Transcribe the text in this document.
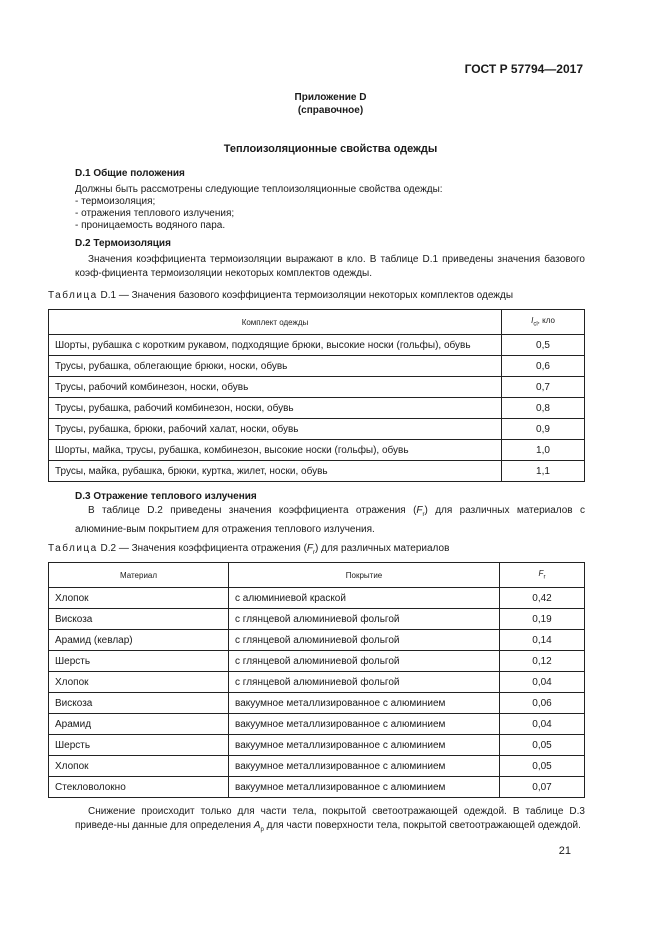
ГОСТ Р 57794—2017
Приложение D
(справочное)
Теплоизоляционные свойства одежды
D.1 Общие положения
Должны быть рассмотрены следующие теплоизоляционные свойства одежды:
- термоизоляция;
- отражения теплового излучения;
- проницаемость водяного пара.
D.2 Термоизоляция
Значения коэффициента термоизоляции выражают в кло. В таблице D.1 приведены значения базового коэф-фициента термоизоляции некоторых комплектов одежды.
Таблица D.1 — Значения базового коэффициента термоизоляции некоторых комплектов одежды
Комплект одежды	$I_{cl}$, кло
Шорты, рубашка с коротким рукавом, подходящие брюки, высокие носки (гольфы), обувь	0,5
Трусы, рубашка, облегающие брюки, носки, обувь	0,6
Трусы, рабочий комбинезон, носки, обувь	0,7
Трусы, рубашка, рабочий комбинезон, носки, обувь	0,8
Трусы, рубашка, брюки, рабочий халат, носки, обувь	0,9
Шорты, майка, трусы, рубашка, комбинезон, высокие носки (гольфы), обувь	1,0
Трусы, майка, рубашка, брюки, куртка, жилет, носки, обувь	1,1
D.3 Отражение теплового излучения
В таблице D.2 приведены значения коэффициента отражения $(F_r)$ для различных материалов с алюминие-вым покрытием для отражения теплового излучения.
Таблица D.2 — Значения коэффициента отражения $(F_r)$ для различных материалов
Материал	Покрытие	$F_r$
Хлопок	с алюминиевой краской	0,42
Вискоза	с глянцевой алюминиевой фольгой	0,19
Арамид (кевлар)	с глянцевой алюминиевой фольгой	0,14
Шерсть	с глянцевой алюминиевой фольгой	0,12
Хлопок	с глянцевой алюминиевой фольгой	0,04
Вискоза	вакуумное металлизированное с алюминием	0,06
Арамид	вакуумное металлизированное с алюминием	0,04
Шерсть	вакуумное металлизированное с алюминием	0,05
Хлопок	вакуумное металлизированное с алюминием	0,05
Стекловолокно	вакуумное металлизированное с алюминием	0,07
Снижение происходит только для части тела, покрытой светоотражающей одеждой. В таблице D.3 приведе-ны данные для определения $A_p$ для части поверхности тела, покрытой светоотражающей одеждой.
21
